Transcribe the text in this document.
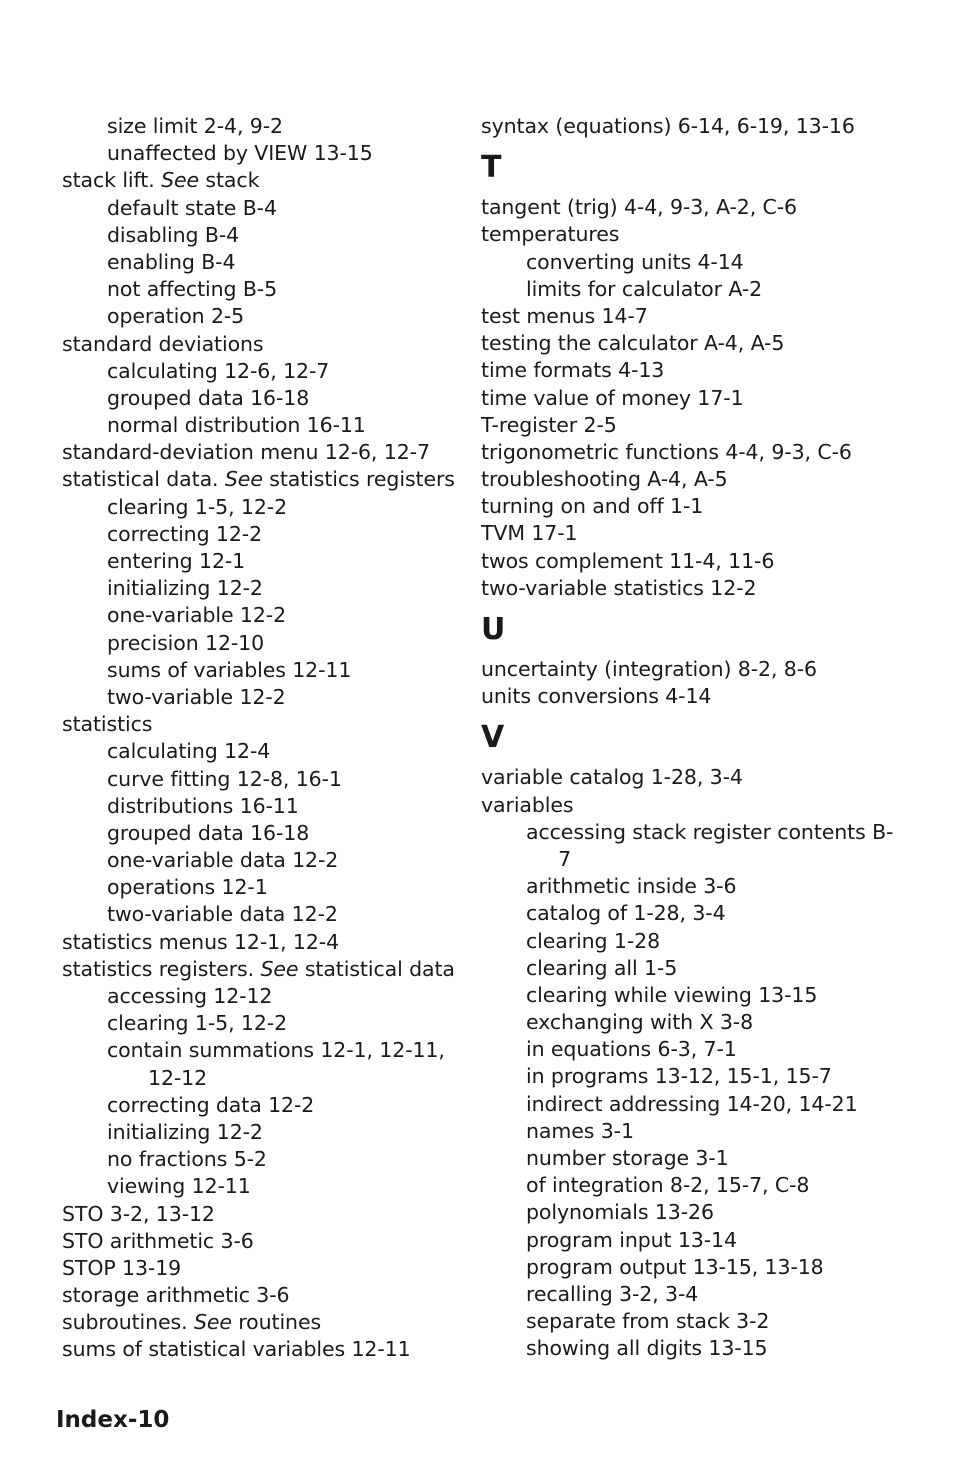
size limit 2-4, 9-2
unaffected by VIEW 13-15
stack lift. See stack
default state B-4
disabling B-4
enabling B-4
not affecting B-5
operation 2-5
standard deviations
calculating 12-6, 12-7
grouped data 16-18
normal distribution 16-11
standard-deviation menu 12-6, 12-7
statistical data. See statistics registers
clearing 1-5, 12-2
correcting 12-2
entering 12-1
initializing 12-2
one-variable 12-2
precision 12-10
sums of variables 12-11
two-variable 12-2
statistics
calculating 12-4
curve fitting 12-8, 16-1
distributions 16-11
grouped data 16-18
one-variable data 12-2
operations 12-1
two-variable data 12-2
statistics menus 12-1, 12-4
statistics registers. See statistical data
accessing 12-12
clearing 1-5, 12-2
contain summations 12-1, 12-11,
12-12
correcting data 12-2
initializing 12-2
no fractions 5-2
viewing 12-11
STO 3-2, 13-12
STO arithmetic 3-6
STOP 13-19
storage arithmetic 3-6
subroutines. See routines
sums of statistical variables 12-11
syntax (equations) 6-14, 6-19, 13-16
T
tangent (trig) 4-4, 9-3, A-2, C-6
temperatures
converting units 4-14
limits for calculator A-2
test menus 14-7
testing the calculator A-4, A-5
time formats 4-13
time value of money 17-1
T-register 2-5
trigonometric functions 4-4, 9-3, C-6
troubleshooting A-4, A-5
turning on and off 1-1
TVM 17-1
twos complement 11-4, 11-6
two-variable statistics 12-2
U
uncertainty (integration) 8-2, 8-6
units conversions 4-14
V
variable catalog 1-28, 3-4
variables
accessing stack register contents B-
7
arithmetic inside 3-6
catalog of 1-28, 3-4
clearing 1-28
clearing all 1-5
clearing while viewing 13-15
exchanging with X 3-8
in equations 6-3, 7-1
in programs 13-12, 15-1, 15-7
indirect addressing 14-20, 14-21
names 3-1
number storage 3-1
of integration 8-2, 15-7, C-8
polynomials 13-26
program input 13-14
program output 13-15, 13-18
recalling 3-2, 3-4
separate from stack 3-2
showing all digits 13-15
Index-10
